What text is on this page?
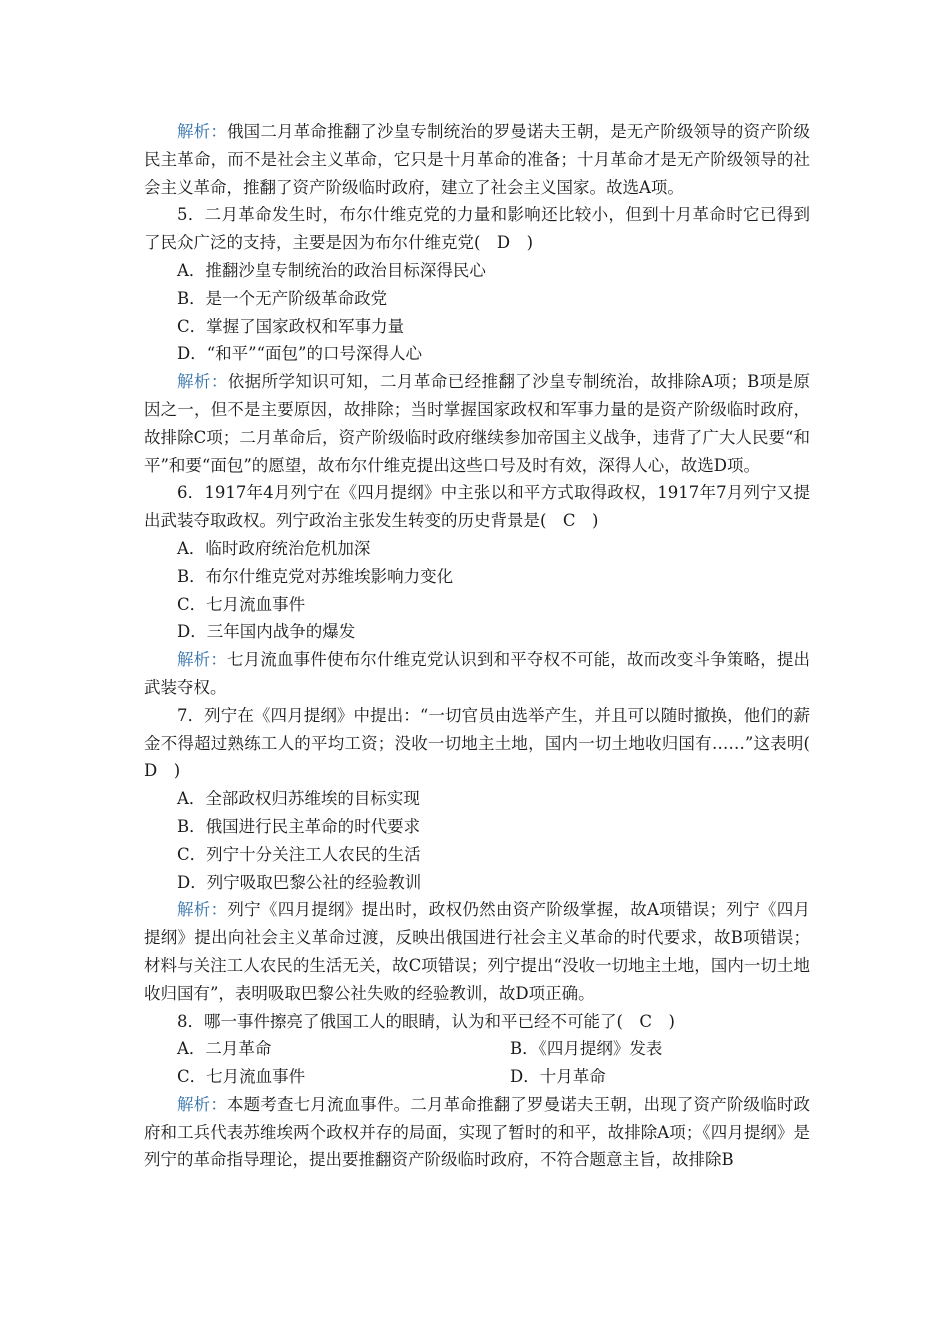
解析：俄国二月革命推翻了沙皇专制统治的罗曼诺夫王朝，是无产阶级领导的资产阶级民主革命，而不是社会主义革命，它只是十月革命的准备；十月革命才是无产阶级领导的社会主义革命，推翻了资产阶级临时政府，建立了社会主义国家。故选A项。

5．二月革命发生时，布尔什维克党的力量和影响还比较小，但到十月革命时它已得到了民众广泛的支持，主要是因为布尔什维克党(　D　)

A．推翻沙皇专制统治的政治目标深得民心

B．是一个无产阶级革命政党

C．掌握了国家政权和军事力量

D．“和平”“面包”的口号深得人心

解析：依据所学知识可知，二月革命已经推翻了沙皇专制统治，故排除A项；B项是原因之一，但不是主要原因，故排除；当时掌握国家政权和军事力量的是资产阶级临时政府，故排除C项；二月革命后，资产阶级临时政府继续参加帝国主义战争，违背了广大人民要“和平”和要“面包”的愿望，故布尔什维克提出这些口号及时有效，深得人心，故选D项。

6．1917年4月列宁在《四月提纲》中主张以和平方式取得政权，1917年7月列宁又提出武装夺取政权。列宁政治主张发生转变的历史背景是(　C　)

A．临时政府统治危机加深

B．布尔什维克党对苏维埃影响力变化

C．七月流血事件

D．三年国内战争的爆发

解析：七月流血事件使布尔什维克党认识到和平夺权不可能，故而改变斗争策略，提出武装夺权。

7．列宁在《四月提纲》中提出：“一切官员由选举产生，并且可以随时撤换，他们的薪金不得超过熟练工人的平均工资；没收一切地主土地，国内一切土地收归国有……”这表明(　D　)

A．全部政权归苏维埃的目标实现

B．俄国进行民主革命的时代要求

C．列宁十分关注工人农民的生活

D．列宁吸取巴黎公社的经验教训

解析：列宁《四月提纲》提出时，政权仍然由资产阶级掌握，故A项错误；列宁《四月提纲》提出向社会主义革命过渡，反映出俄国进行社会主义革命的时代要求，故B项错误；材料与关注工人农民的生活无关，故C项错误；列宁提出“没收一切地主土地，国内一切土地收归国有”，表明吸取巴黎公社失败的经验教训，故D项正确。

8．哪一事件擦亮了俄国工人的眼睛，认为和平已经不可能了(　C　)

A．二月革命	B．《四月提纲》发表
C．七月流血事件	D．十月革命

解析：本题考查七月流血事件。二月革命推翻了罗曼诺夫王朝，出现了资产阶级临时政府和工兵代表苏维埃两个政权并存的局面，实现了暂时的和平，故排除A项；《四月提纲》是列宁的革命指导理论，提出要推翻资产阶级临时政府，不符合题意主旨，故排除B
